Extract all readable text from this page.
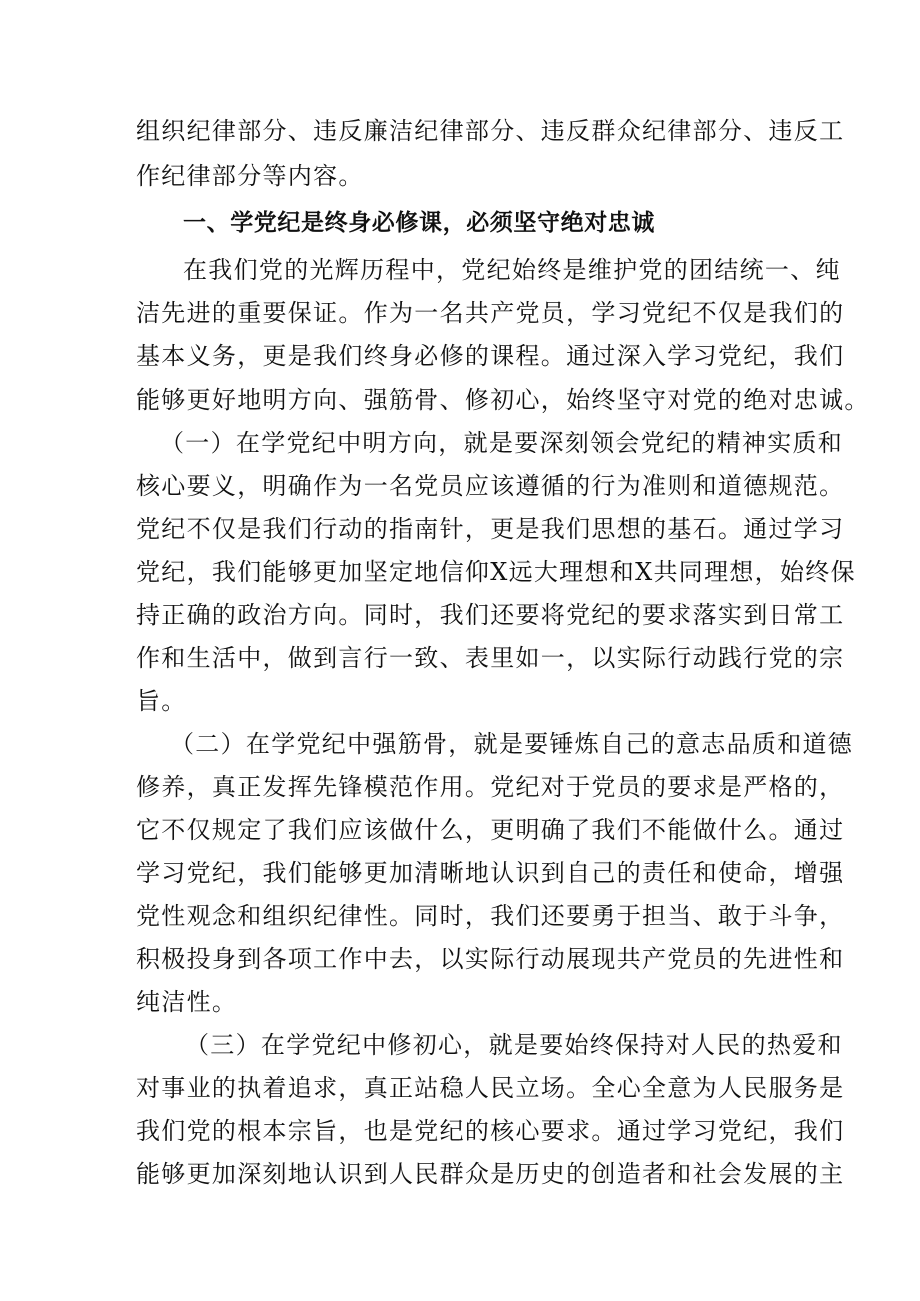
组织纪律部分、违反廉洁纪律部分、违反群众纪律部分、违反工
作纪律部分等内容。
一、学党纪是终身必修课，必须坚守绝对忠诚
在我们党的光辉历程中，党纪始终是维护党的团结统一、纯
洁先进的重要保证。作为一名共产党员，学习党纪不仅是我们的
基本义务，更是我们终身必修的课程。通过深入学习党纪，我们
能够更好地明方向、强筋骨、修初心，始终坚守对党的绝对忠诚。
（一）在学党纪中明方向，就是要深刻领会党纪的精神实质和
核心要义，明确作为一名党员应该遵循的行为准则和道德规范。
党纪不仅是我们行动的指南针，更是我们思想的基石。通过学习
党纪，我们能够更加坚定地信仰X远大理想和X共同理想，始终保
持正确的政治方向。同时，我们还要将党纪的要求落实到日常工
作和生活中，做到言行一致、表里如一，以实际行动践行党的宗
旨。
（二）在学党纪中强筋骨，就是要锤炼自己的意志品质和道德
修养，真正发挥先锋模范作用。党纪对于党员的要求是严格的，
它不仅规定了我们应该做什么，更明确了我们不能做什么。通过
学习党纪，我们能够更加清晰地认识到自己的责任和使命，增强
党性观念和组织纪律性。同时，我们还要勇于担当、敢于斗争，
积极投身到各项工作中去，以实际行动展现共产党员的先进性和
纯洁性。
（三）在学党纪中修初心，就是要始终保持对人民的热爱和
对事业的执着追求，真正站稳人民立场。全心全意为人民服务是
我们党的根本宗旨，也是党纪的核心要求。通过学习党纪，我们
能够更加深刻地认识到人民群众是历史的创造者和社会发展的主
